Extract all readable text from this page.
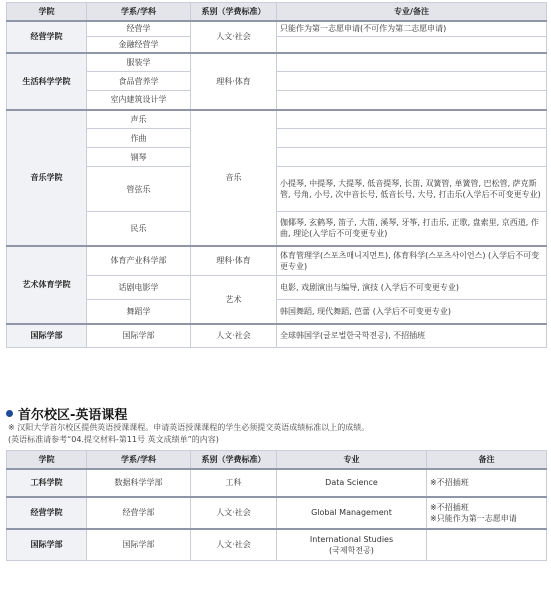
学院	学系/学科	系别（学费标准）	专业/备注
经营学院	经营学	人文·社会	只能作为第一志愿申请(不可作为第二志愿申请)
	金融经营学		
生活科学学院	服装学	理科·体育	
	食品营养学		
	室内建筑设计学		
音乐学院	声乐	音乐	
	作曲		
	钢琴		
	管弦乐		小提琴, 中提琴, 大提琴, 低音提琴, 长笛, 双簧管, 单簧管, 巴松管, 萨克斯管, 号角, 小号, 次中音长号, 低音长号, 大号, 打击乐(入学后不可变更专业)
	民乐		伽倻琴, 玄鹤琴, 笛子, 大笛, 溪琴, 牙筝, 打击乐, 正歌, 盘索里, 京西道, 作曲, 理论(入学后不可变更专业)
艺术体育学院	体育产业科学部	理科·体育	体育管理学(스포츠매니지먼트), 体育科学(스포츠사이언스) (入学后不可变更专业)
	话剧电影学	艺术	电影, 戏剧演出与编导, 演技 (入学后不可变更专业)
	舞蹈学		韩国舞蹈, 现代舞蹈, 芭蕾 (入学后不可变更专业)
国际学部	国际学部	人文·社会	全球韩国学(글로벌한국학전공), 不招插班
首尔校区-英语课程
※ 汉阳大学首尔校区提供英语授课课程。申请英语授课课程的学生必须提交英语成绩标准以上的成绩。
(英语标准请参考“04.提交材料-第11号 英文成绩单”的内容)
学院	学系/学科	系别（学费标准）	专业	备注
工科学院	数据科学学部	工科	Data Science	※不招插班

经营学院	经营学部	人文·社会	Global Management	※不招插班
※只能作为第一志愿申请

国际学部	国际学部	人文·社会	International Studies
(국제학전공)	
